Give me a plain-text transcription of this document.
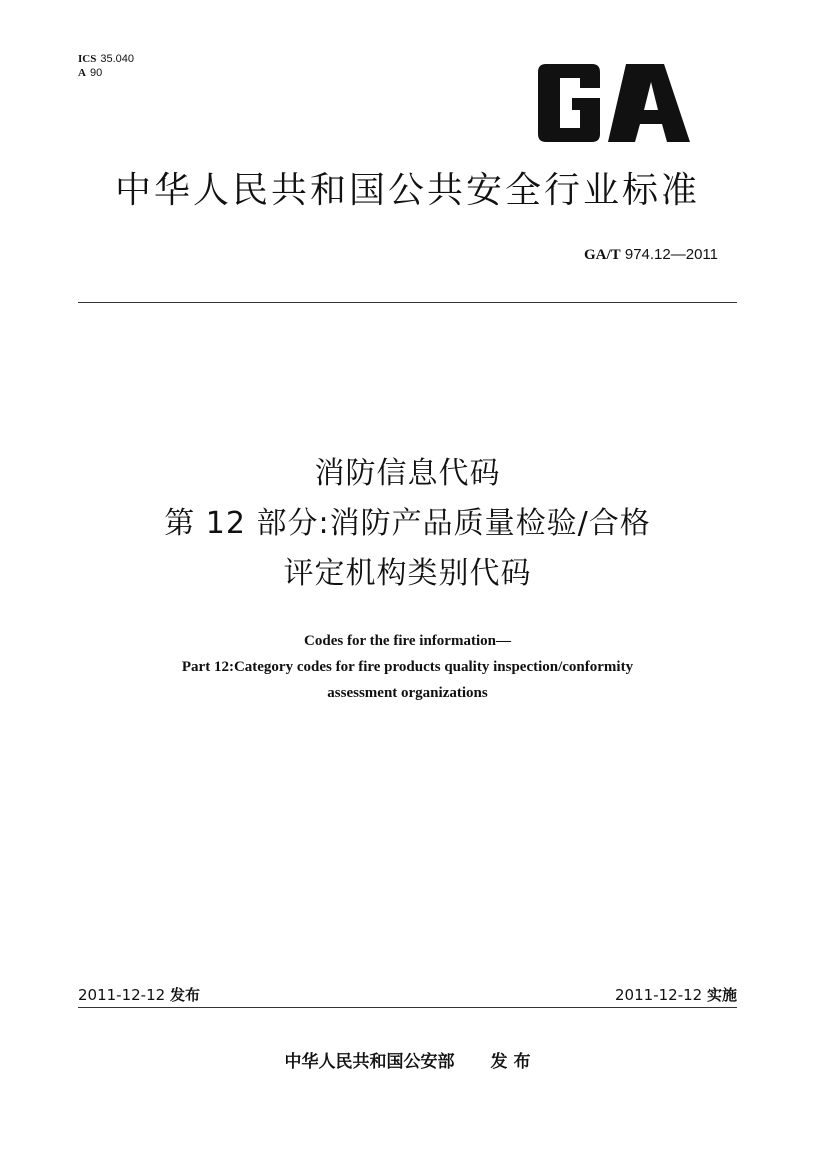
ICS 35.040
A 90
中华人民共和国公共安全行业标准
GA/T 974.12—2011
消防信息代码
第 12 部分:消防产品质量检验/合格
评定机构类别代码
Codes for the fire information—
Part 12:Category codes for fire products quality inspection/conformity
assessment organizations
2011-12-12 发布	2011-12-12 实施
中华人民共和国公安部 发 布
